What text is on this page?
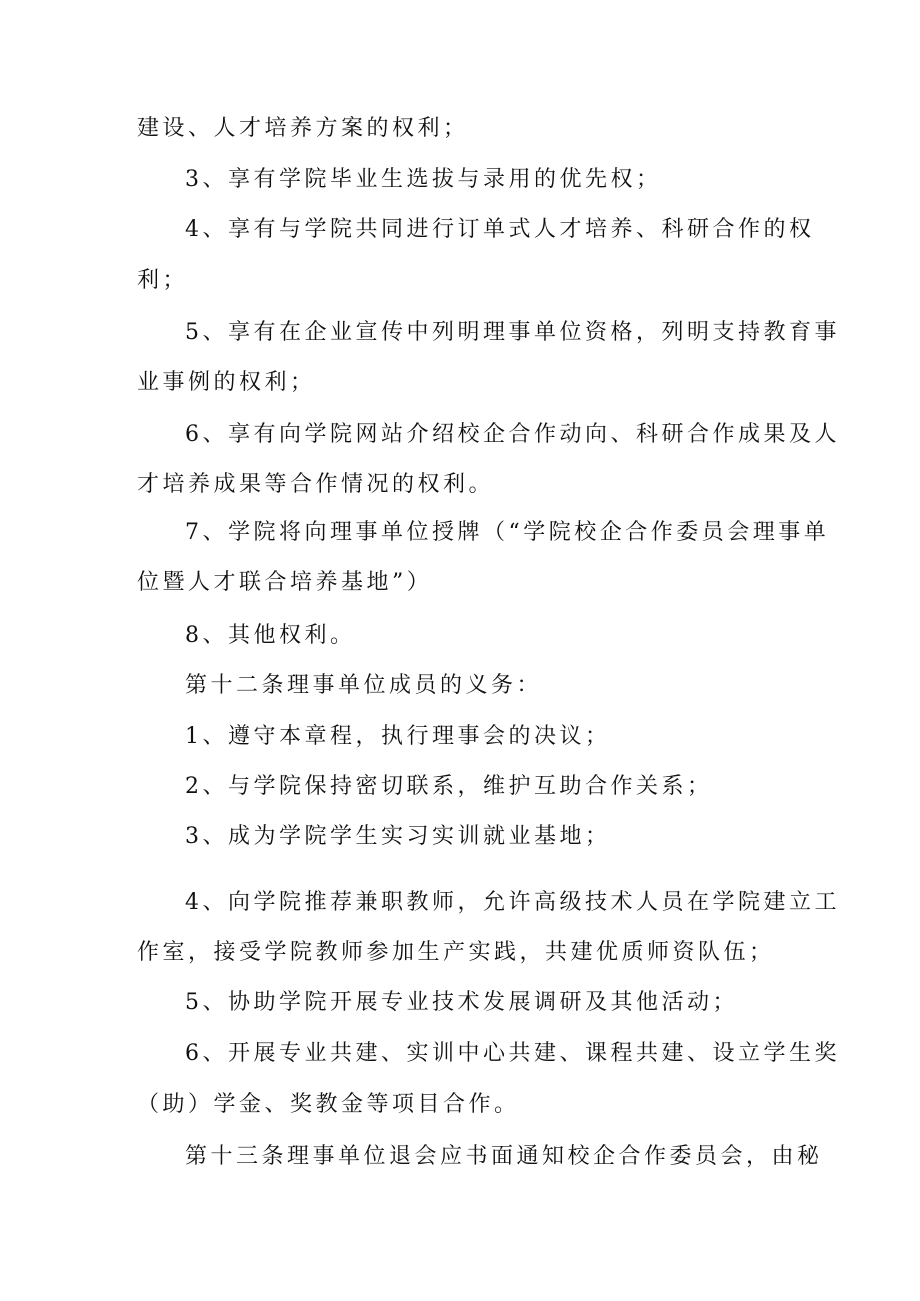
建设、人才培养方案的权利；
3、享有学院毕业生选拔与录用的优先权；
4、享有与学院共同进行订单式人才培养、科研合作的权
利；
5、享有在企业宣传中列明理事单位资格，列明支持教育事
业事例的权利；
6、享有向学院网站介绍校企合作动向、科研合作成果及人
才培养成果等合作情况的权利。
7、学院将向理事单位授牌（“学院校企合作委员会理事单
位暨人才联合培养基地”）
8、其他权利。
第十二条理事单位成员的义务：
1、遵守本章程，执行理事会的决议；
2、与学院保持密切联系，维护互助合作关系；
3、成为学院学生实习实训就业基地；
4、向学院推荐兼职教师，允许高级技术人员在学院建立工
作室，接受学院教师参加生产实践，共建优质师资队伍；
5、协助学院开展专业技术发展调研及其他活动；
6、开展专业共建、实训中心共建、课程共建、设立学生奖
（助）学金、奖教金等项目合作。
第十三条理事单位退会应书面通知校企合作委员会，由秘
